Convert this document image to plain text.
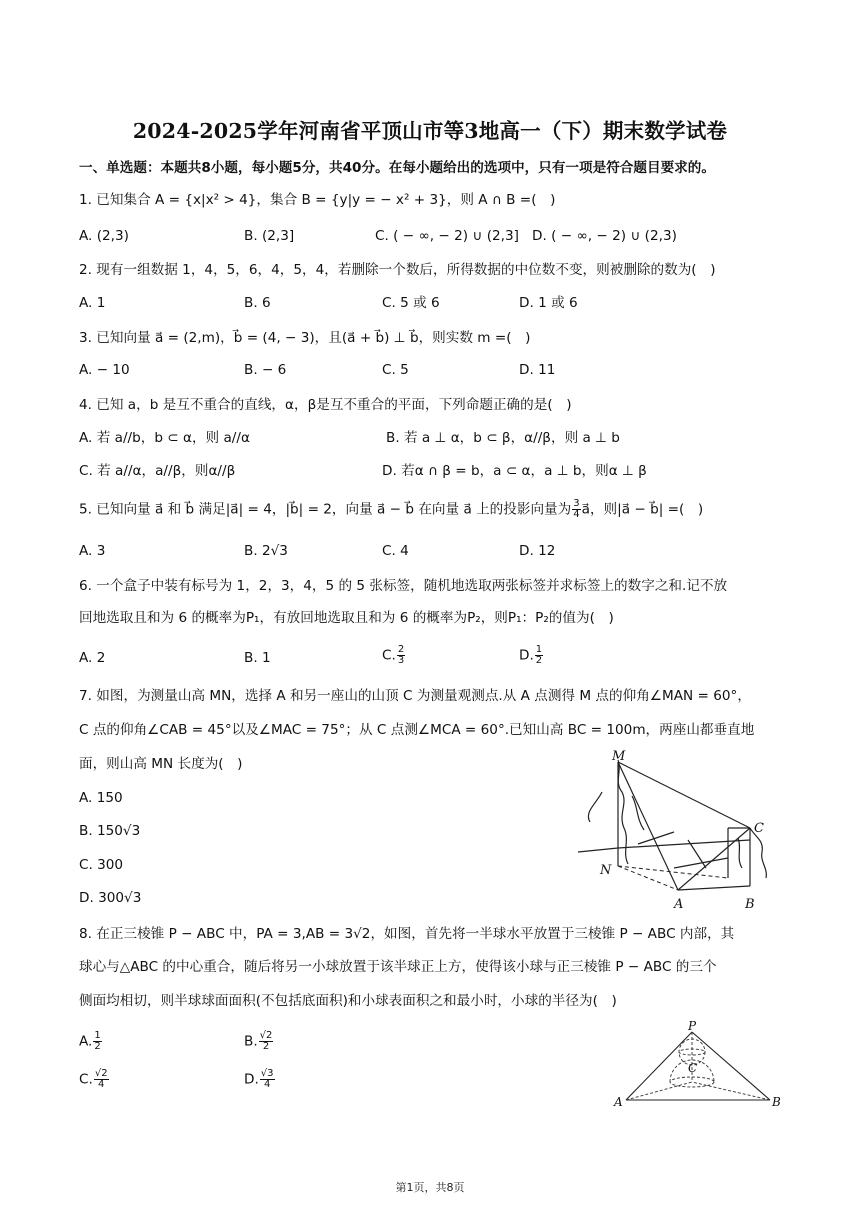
2024-2025学年河南省平顶山市等3地高一（下）期末数学试卷
一、单选题：本题共8小题，每小题5分，共40分。在每小题给出的选项中，只有一项是符合题目要求的。
1. 已知集合 A = {x|x² > 4}，集合 B = {y|y = − x² + 3}，则 A ∩ B =(　)
A. (2,3)	B. (2,3]	C. ( − ∞, − 2) ∪ (2,3] D. ( − ∞, − 2) ∪ (2,3)
2. 现有一组数据 1，4，5，6，4，5，4，若删除一个数后，所得数据的中位数不变，则被删除的数为(　)
A. 1	B. 6	C. 5 或 6	D. 1 或 6
3. 已知向量 a⃗ = (2,m)，b⃗ = (4, − 3)，且(a⃗ + b⃗) ⊥ b⃗，则实数 m =(　)
A. − 10	B. − 6	C. 5	D. 11
4. 已知 a，b 是互不重合的直线，α，β是互不重合的平面，下列命题正确的是(　)
A. 若 a//b，b ⊂ α，则 a//α	B. 若 a ⊥ α，b ⊂ β，α//β，则 a ⊥ b
C. 若 a//α，a//β，则α//β	D. 若α ∩ β = b，a ⊂ α，a ⊥ b，则α ⊥ β
5. 已知向量 a⃗ 和 b⃗ 满足|a⃗| = 4，|b⃗| = 2，向量 a⃗ − b⃗ 在向量 a⃗ 上的投影向量为 $\frac{3}{4}$ a⃗，则|a⃗ − b⃗| =(　)
A. 3	B. 2√3	C. 4	D. 12
6. 一个盒子中装有标号为 1，2，3，4，5 的 5 张标签，随机地选取两张标签并求标签上的数字之和.记不放
回地选取且和为 6 的概率为P₁，有放回地选取且和为 6 的概率为P₂，则P₁：P₂的值为(　)
A. 2	B. 1	C. $\frac{2}{3}$	D. $\frac{1}{2}$
7. 如图，为测量山高 MN，选择 A 和另一座山的山顶 C 为测量观测点.从 A 点测得 M 点的仰角∠MAN = 60°，
C 点的仰角∠CAB = 45°以及∠MAC = 75°；从 C 点测∠MCA = 60°.已知山高 BC = 100m，两座山都垂直地
面，则山高 MN 长度为(　)
A. 150
B. 150√3
C. 300
D. 300√3
M
N
A	B
C
8. 在正三棱锥 P − ABC 中，PA = 3,AB = 3√2，如图，首先将一半球水平放置于三棱锥 P − ABC 内部，其
球心与△ABC 的中心重合，随后将另一小球放置于该半球正上方，使得该小球与正三棱锥 P − ABC 的三个
侧面均相切，则半球球面面积(不包括底面积)和小球表面积之和最小时，小球的半径为(　)
A. $\frac{1}{2}$	B. $\frac{√2}{2}$
C. $\frac{√2}{4}$	D. $\frac{√3}{4}$
P
A	B
C
第1页，共8页
